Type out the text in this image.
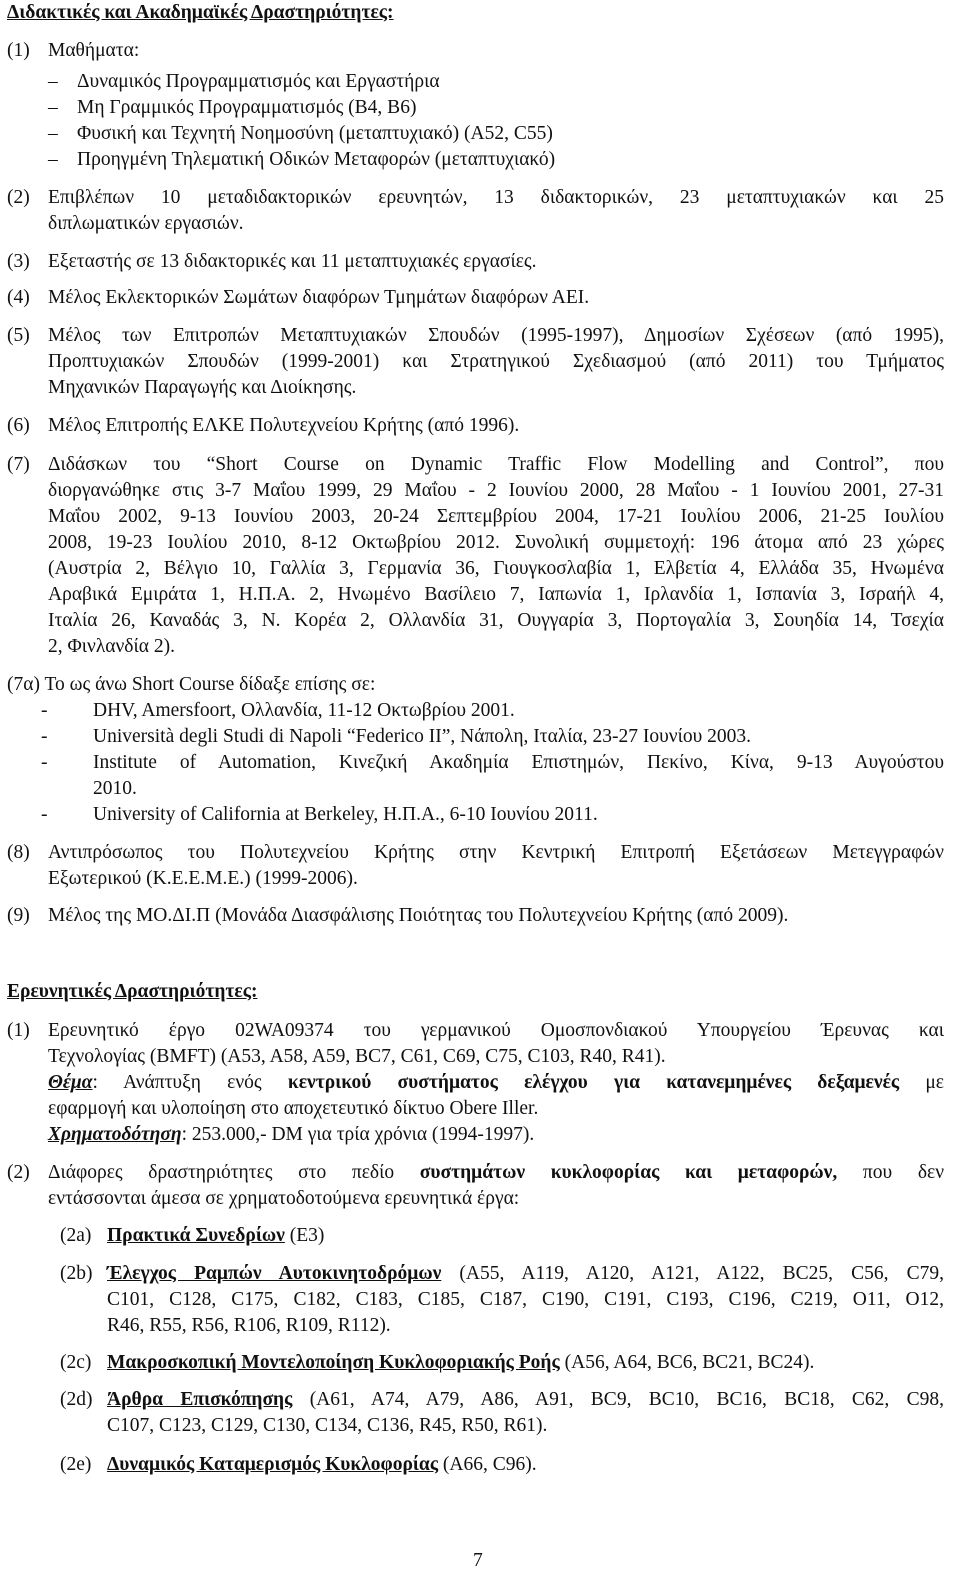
Διδακτικές και Ακαδημαϊκές Δραστηριότητες:
(1) Μαθήματα:
– Δυναμικός Προγραμματισμός και Εργαστήρια
– Μη Γραμμικός Προγραμματισμός (Β4, Β6)
– Φυσική και Τεχνητή Νοημοσύνη (μεταπτυχιακό) (Α52, C55)
– Προηγμένη Τηλεματική Οδικών Μεταφορών (μεταπτυχιακό)
(2) Επιβλέπων 10 μεταδιδακτορικών ερευνητών, 13 διδακτορικών, 23 μεταπτυχιακών και 25
διπλωματικών εργασιών.
(3) Εξεταστής σε 13 διδακτορικές και 11 μεταπτυχιακές εργασίες.
(4) Μέλος Εκλεκτορικών Σωμάτων διαφόρων Τμημάτων διαφόρων ΑΕΙ.
(5) Μέλος των Επιτροπών Μεταπτυχιακών Σπουδών (1995-1997), Δημοσίων Σχέσεων (από 1995),
Προπτυχιακών Σπουδών (1999-2001) και Στρατηγικού Σχεδιασμού (από 2011) του Τμήματος
Μηχανικών Παραγωγής και Διοίκησης.
(6) Μέλος Επιτροπής ΕΛΚΕ Πολυτεχνείου Κρήτης (από 1996).
(7) Διδάσκων του “Short Course on Dynamic Traffic Flow Modelling and Control”, που
διοργανώθηκε στις 3-7 Μαΐου 1999, 29 Μαΐου - 2 Ιουνίου 2000, 28 Μαΐου - 1 Ιουνίου 2001, 27-31
Μαΐου 2002, 9-13 Ιουνίου 2003, 20-24 Σεπτεμβρίου 2004, 17-21 Ιουλίου 2006, 21-25 Ιουλίου
2008, 19-23 Ιουλίου 2010, 8-12 Οκτωβρίου 2012. Συνολική συμμετοχή: 196 άτομα από 23 χώρες
(Αυστρία 2, Βέλγιο 10, Γαλλία 3, Γερμανία 36, Γιουγκοσλαβία 1, Ελβετία 4, Ελλάδα 35, Ηνωμένα
Αραβικά Εμιράτα 1, Η.Π.Α. 2, Ηνωμένο Βασίλειο 7, Ιαπωνία 1, Ιρλανδία 1, Ισπανία 3, Ισραήλ 4,
Ιταλία 26, Καναδάς 3, Ν. Κορέα 2, Ολλανδία 31, Ουγγαρία 3, Πορτογαλία 3, Σουηδία 14, Τσεχία
2, Φινλανδία 2).
(7α) Το ως άνω Short Course δίδαξε επίσης σε:
- DHV, Amersfoort, Ολλανδία, 11-12 Οκτωβρίου 2001.
- Università degli Studi di Napoli “Federico II”, Νάπολη, Ιταλία, 23-27 Ιουνίου 2003.
- Institute of Automation, Κινεζική Ακαδημία Επιστημών, Πεκίνο, Κίνα, 9-13 Αυγούστου
2010.
- University of California at Berkeley, Η.Π.Α., 6-10 Ιουνίου 2011.
(8) Αντιπρόσωπος του Πολυτεχνείου Κρήτης στην Κεντρική Επιτροπή Εξετάσεων Μετεγγραφών
Εξωτερικού (Κ.Ε.Ε.Μ.Ε.) (1999-2006).
(9) Μέλος της ΜΟ.ΔΙ.Π (Μονάδα Διασφάλισης Ποιότητας του Πολυτεχνείου Κρήτης (από 2009).
Ερευνητικές Δραστηριότητες:
(1) Ερευνητικό έργο 02WA09374 του γερμανικού Ομοσπονδιακού Υπουργείου Έρευνας και
Τεχνολογίας (BMFT) (Α53, Α58, Α59, BC7, C61, C69, C75, C103, R40, R41).
Θέμα: Ανάπτυξη ενός κεντρικού συστήματος ελέγχου για κατανεμημένες δεξαμενές με
εφαρμογή και υλοποίηση στο αποχετευτικό δίκτυο Obere Iller.
Χρηματοδότηση: 253.000,- DM για τρία χρόνια (1994-1997).
(2) Διάφορες δραστηριότητες στο πεδίο συστημάτων κυκλοφορίας και μεταφορών, που δεν
εντάσσονται άμεσα σε χρηματοδοτούμενα ερευνητικά έργα:
(2a) Πρακτικά Συνεδρίων (E3)
(2b) Έλεγχος Ραμπών Αυτοκινητοδρόμων (Α55, Α119, Α120, Α121, Α122, BC25, C56, C79,
C101, C128, C175, C182, C183, C185, C187, C190, C191, C193, C196, C219, O11, O12,
R46, R55, R56, R106, R109, R112).
(2c) Μακροσκοπική Μοντελοποίηση Κυκλοφοριακής Ροής (Α56, Α64, BC6, BC21, BC24).
(2d) Άρθρα Επισκόπησης (Α61, Α74, Α79, Α86, Α91, BC9, BC10, BC16, BC18, C62, C98,
C107, C123, C129, C130, C134, C136, R45, R50, R61).
(2e) Δυναμικός Καταμερισμός Κυκλοφορίας (Α66, C96).
7
